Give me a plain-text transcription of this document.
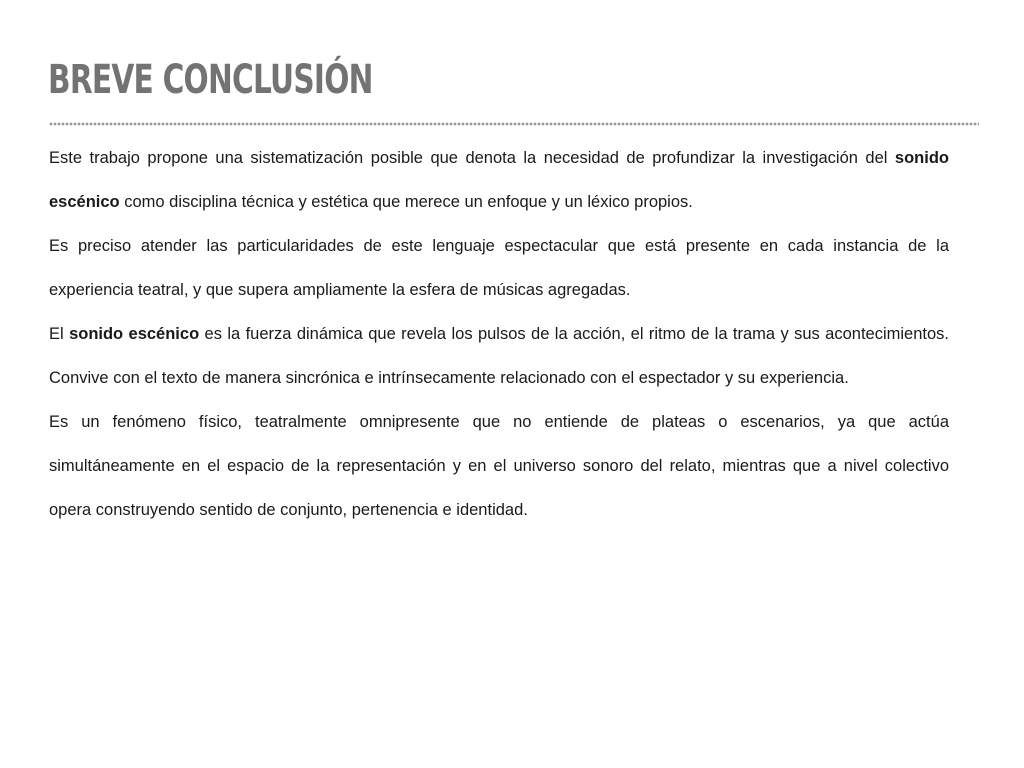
BREVE CONCLUSIÓN

Este trabajo propone una sistematización posible que denota la necesidad de profundizar la investigación del sonido escénico como disciplina técnica y estética que merece un enfoque y un léxico propios.

Es preciso atender las particularidades de este lenguaje espectacular que está presente en cada instancia de la experiencia teatral, y que supera ampliamente la esfera de músicas agregadas.

El sonido escénico es la fuerza dinámica que revela los pulsos de la acción, el ritmo de la trama y sus acontecimientos. Convive con el texto de manera sincrónica e intrínsecamente relacionado con el espectador y su experiencia.

Es un fenómeno físico, teatralmente omnipresente que no entiende de plateas o escenarios, ya que actúa simultáneamente en el espacio de la representación y en el universo sonoro del relato, mientras que a nivel colectivo opera construyendo sentido de conjunto, pertenencia e identidad.
